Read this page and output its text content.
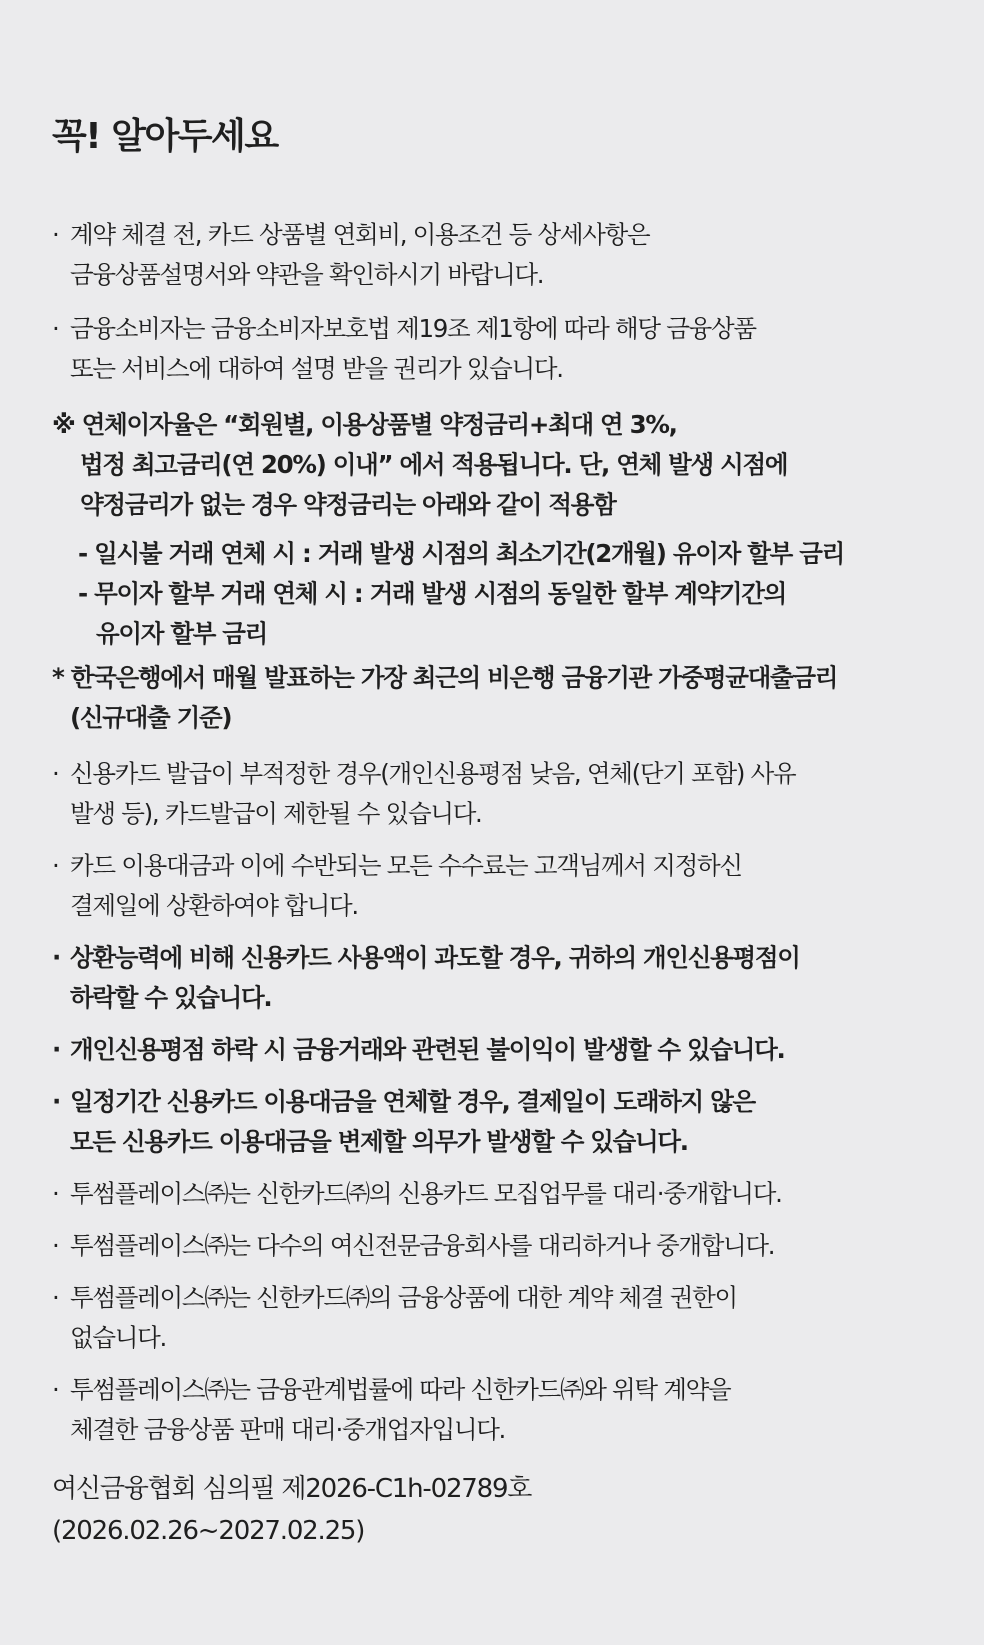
꼭! 알아두세요
· 계약 체결 전, 카드 상품별 연회비, 이용조건 등 상세사항은
금융상품설명서와 약관을 확인하시기 바랍니다.
· 금융소비자는 금융소비자보호법 제19조 제1항에 따라 해당 금융상품
또는 서비스에 대하여 설명 받을 권리가 있습니다.
※ 연체이자율은 “회원별, 이용상품별 약정금리+최대 연 3%,
법정 최고금리(연 20%) 이내” 에서 적용됩니다. 단, 연체 발생 시점에
약정금리가 없는 경우 약정금리는 아래와 같이 적용함
- 일시불 거래 연체 시 : 거래 발생 시점의 최소기간(2개월) 유이자 할부 금리
- 무이자 할부 거래 연체 시 : 거래 발생 시점의 동일한 할부 계약기간의
유이자 할부 금리
* 한국은행에서 매월 발표하는 가장 최근의 비은행 금융기관 가중평균대출금리
(신규대출 기준)
· 신용카드 발급이 부적정한 경우(개인신용평점 낮음, 연체(단기 포함) 사유
발생 등), 카드발급이 제한될 수 있습니다.
· 카드 이용대금과 이에 수반되는 모든 수수료는 고객님께서 지정하신
결제일에 상환하여야 합니다.
· 상환능력에 비해 신용카드 사용액이 과도할 경우, 귀하의 개인신용평점이
하락할 수 있습니다.
· 개인신용평점 하락 시 금융거래와 관련된 불이익이 발생할 수 있습니다.
· 일정기간 신용카드 이용대금을 연체할 경우, 결제일이 도래하지 않은
모든 신용카드 이용대금을 변제할 의무가 발생할 수 있습니다.
· 투썸플레이스㈜는 신한카드㈜의 신용카드 모집업무를 대리·중개합니다.
· 투썸플레이스㈜는 다수의 여신전문금융회사를 대리하거나 중개합니다.
· 투썸플레이스㈜는 신한카드㈜의 금융상품에 대한 계약 체결 권한이
없습니다.
· 투썸플레이스㈜는 금융관계법률에 따라 신한카드㈜와 위탁 계약을
체결한 금융상품 판매 대리·중개업자입니다.
여신금융협회 심의필 제2026-C1h-02789호
(2026.02.26~2027.02.25)
